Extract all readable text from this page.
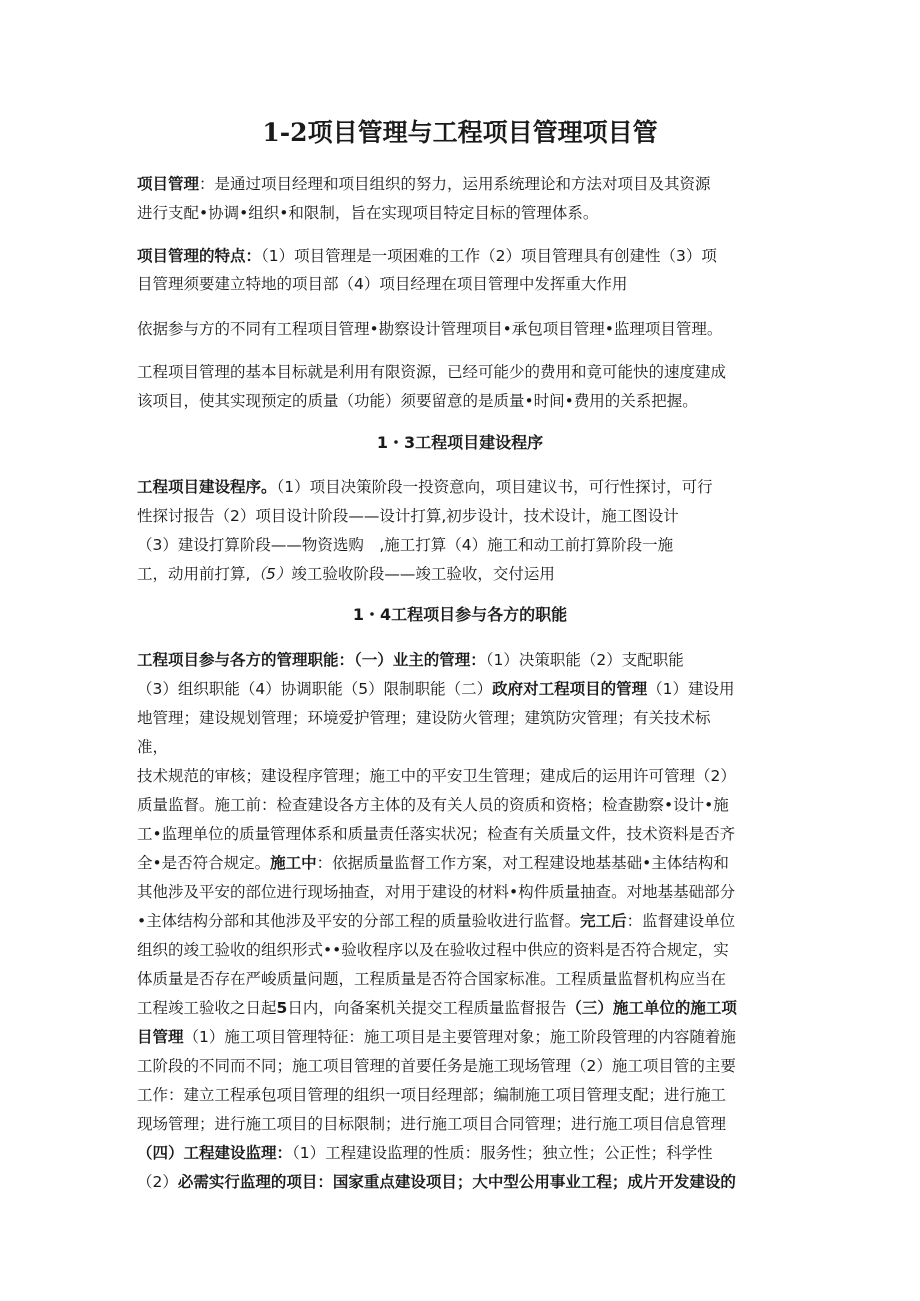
1-2项目管理与工程项目管理项目管
1・3工程项目建设程序
1・4工程项目参与各方的职能
项目管理：是通过项目经理和项目组织的努力，运用系统理论和方法对项目及其资源
进行支配•协调•组织•和限制，旨在实现项目特定目标的管理体系。
项目管理的特点：（1）项目管理是一项困难的工作（2）项目管理具有创建性（3）项
目管理须要建立特地的项目部（4）项目经理在项目管理中发挥重大作用
依据参与方的不同有工程项目管理•勘察设计管理项目•承包项目管理•监理项目管理。
工程项目管理的基本目标就是利用有限资源，已经可能少的费用和竟可能快的速度建成
该项目，使其实现预定的质量（功能）须要留意的是质量•时间•费用的关系把握。
工程项目建设程序。（1）项目决策阶段一投资意向，项目建议书，可行性探讨，可行
性探讨报告（2）项目设计阶段——设计打算,初步设计，技术设计，施工图设计
（3）建设打算阶段——物资选购　,施工打算（4）施工和动工前打算阶段一施
工，动用前打算,（5）竣工验收阶段——竣工验收，交付运用
工程项目参与各方的管理职能：（一）业主的管理：（1）决策职能（2）支配职能
（3）组织职能（4）协调职能（5）限制职能（二）政府对工程项目的管理（1）建设用
地管理；建设规划管理；环境爱护管理；建设防火管理；建筑防灾管理；有关技术标
准，
技术规范的审核；建设程序管理；施工中的平安卫生管理；建成后的运用许可管理（2）
质量监督。施工前：检查建设各方主体的及有关人员的资质和资格；检查勘察•设计•施
工•监理单位的质量管理体系和质量责任落实状况；检查有关质量文件，技术资料是否齐
全•是否符合规定。施工中：依据质量监督工作方案，对工程建设地基基础•主体结构和
其他涉及平安的部位进行现场抽查，对用于建设的材料•构件质量抽查。对地基基础部分
•主体结构分部和其他涉及平安的分部工程的质量验收进行监督。完工后：监督建设单位
组织的竣工验收的组织形式••验收程序以及在验收过程中供应的资料是否符合规定，实
体质量是否存在严峻质量问题，工程质量是否符合国家标准。工程质量监督机构应当在
工程竣工验收之日起5日内，向备案机关提交工程质量监督报告（三）施工单位的施工项
目管理（1）施工项目管理特征：施工项目是主要管理对象；施工阶段管理的内容随着施
工阶段的不同而不同；施工项目管理的首要任务是施工现场管理（2）施工项目管的主要
工作：建立工程承包项目管理的组织一项目经理部；编制施工项目管理支配；进行施工
现场管理；进行施工项目的目标限制；进行施工项目合同管理；进行施工项目信息管理
（四）工程建设监理：（1）工程建设监理的性质：服务性；独立性；公正性；科学性
（2）必需实行监理的项目：国家重点建设项目；大中型公用事业工程；成片开发建设的
